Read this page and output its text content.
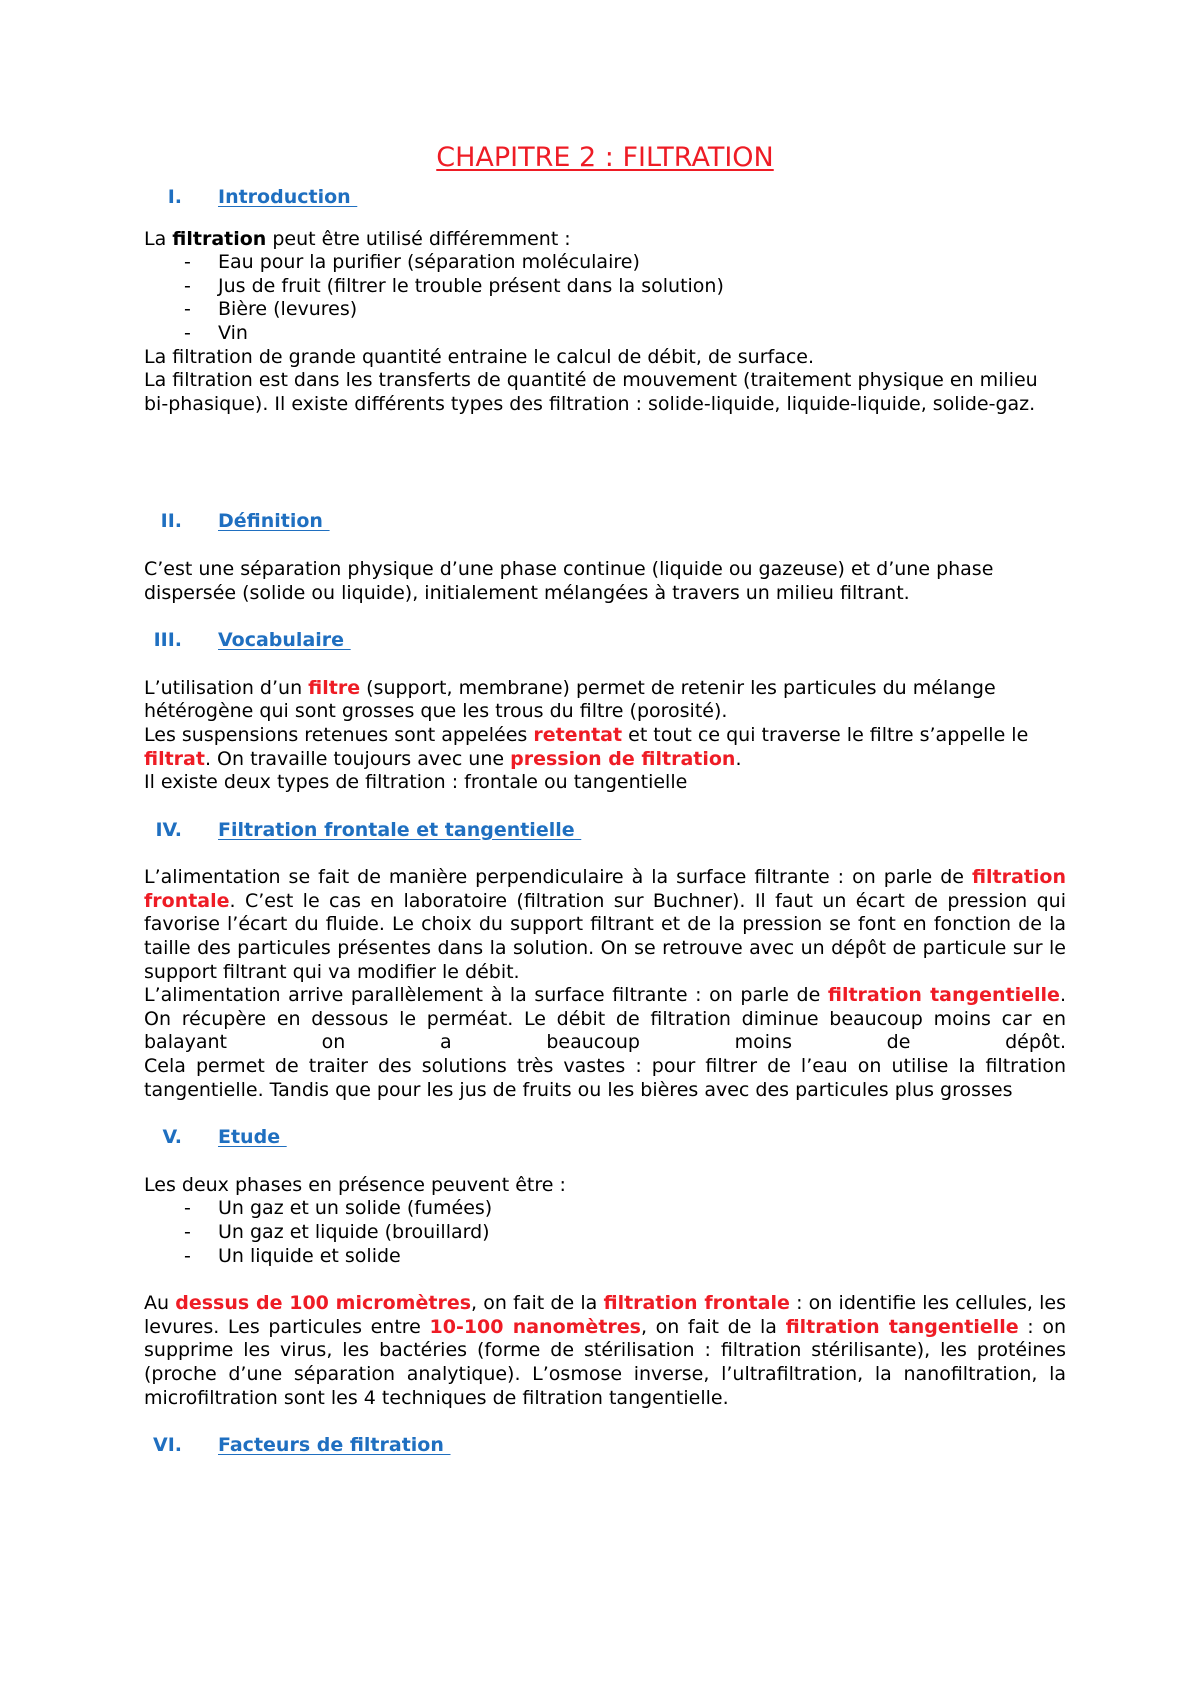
CHAPITRE 2 : FILTRATION
I.	Introduction

La filtration peut être utilisé différemment :

-	Eau pour la purifier (séparation moléculaire)
-	Jus de fruit (filtrer le trouble présent dans la solution)
-	Bière (levures)
-	Vin

La filtration de grande quantité entraine le calcul de débit, de surface.

La filtration est dans les transferts de quantité de mouvement (traitement physique en milieu bi-phasique). Il existe différents types des filtration : solide-liquide, liquide-liquide, solide-gaz.

II.	Définition

C’est une séparation physique d’une phase continue (liquide ou gazeuse) et d’une phase dispersée (solide ou liquide), initialement mélangées à travers un milieu filtrant.

III.	Vocabulaire

L’utilisation d’un filtre (support, membrane) permet de retenir les particules du mélange hétérogène qui sont grosses que les trous du filtre (porosité).

Les suspensions retenues sont appelées retentat et tout ce qui traverse le filtre s’appelle le filtrat. On travaille toujours avec une pression de filtration.

Il existe deux types de filtration : frontale ou tangentielle

IV.	Filtration frontale et tangentielle

L’alimentation se fait de manière perpendiculaire à la surface filtrante : on parle de filtration frontale. C’est le cas en laboratoire (filtration sur Buchner). Il faut un écart de pression qui favorise l’écart du fluide. Le choix du support filtrant et de la pression se font en fonction de la taille des particules présentes dans la solution. On se retrouve avec un dépôt de particule sur le support filtrant qui va modifier le débit.

L’alimentation arrive parallèlement à la surface filtrante : on parle de filtration tangentielle. On récupère en dessous le perméat. Le débit de filtration diminue beaucoup moins car en balayant on a beaucoup moins de dépôt.

Cela permet de traiter des solutions très vastes : pour filtrer de l’eau on utilise la filtration tangentielle. Tandis que pour les jus de fruits ou les bières avec des particules plus grosses

V.	Etude

Les deux phases en présence peuvent être :

-	Un gaz et un solide (fumées)
-	Un gaz et liquide (brouillard)
-	Un liquide et solide

Au dessus de 100 micromètres, on fait de la filtration frontale : on identifie les cellules, les levures. Les particules entre 10-100 nanomètres, on fait de la filtration tangentielle : on supprime les virus, les bactéries (forme de stérilisation : filtration stérilisante), les protéines (proche d’une séparation analytique). L’osmose inverse, l’ultrafiltration, la nanofiltration, la microfiltration sont les 4 techniques de filtration tangentielle.

VI.	Facteurs de filtration
